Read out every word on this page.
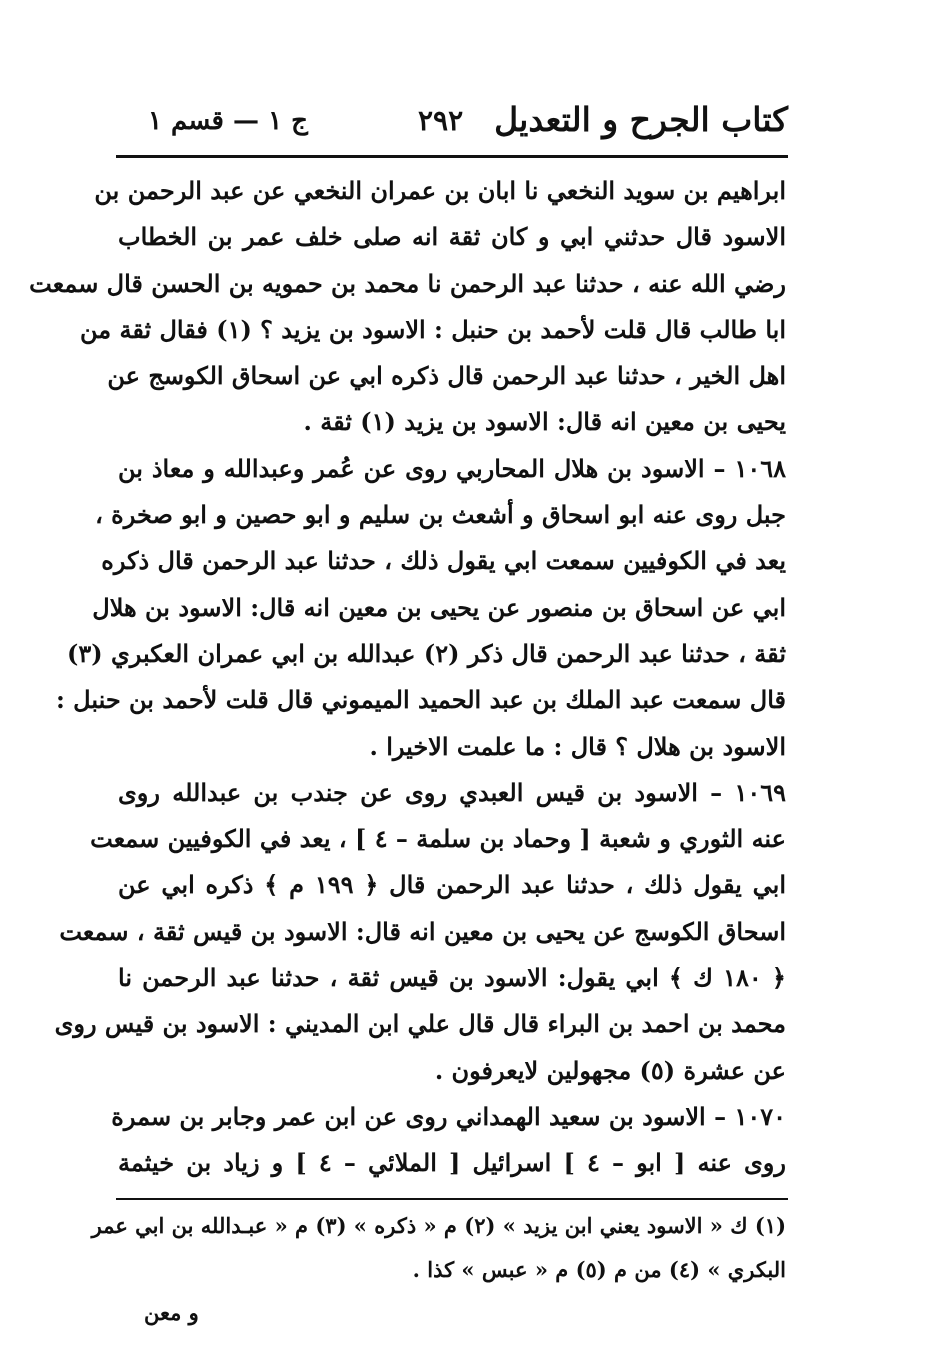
كتاب الجرح و التعديل
٢٩٢
ج ١ — قسم ١
ابراهيم بن سويد النخعي نا ابان بن عمران النخعي عن عبد الرحمن بن
الاسود قال حدثني ابي و كان ثقة انه صلى خلف عمر بن الخطاب
رضي الله عنه ، حدثنا عبد الرحمن نا محمد بن حمويه بن الحسن قال سمعت
ابا طالب قال قلت لأحمد بن حنبل : الاسود بن يزيد ؟ (١) فقال ثقة من
اهل الخير ، حدثنا عبد الرحمن قال ذكره ابي عن اسحاق الكوسج عن
يحيى بن معين انه قال: الاسود بن يزيد (١) ثقة .
١٠٦٨ – الاسود بن هلال المحاربي روى عن عُمر وعبدالله و معاذ بن
جبل روى عنه ابو اسحاق و أشعث بن سليم و ابو حصين و ابو صخرة ،
يعد في الكوفيين سمعت ابي يقول ذلك ، حدثنا عبد الرحمن قال ذكره
ابي عن اسحاق بن منصور عن يحيى بن معين انه قال: الاسود بن هلال
ثقة ، حدثنا عبد الرحمن قال ذكر (٢) عبدالله بن ابي عمران العكبري (٣)
قال سمعت عبد الملك بن عبد الحميد الميموني قال قلت لأحمد بن حنبل :
الاسود بن هلال ؟ قال : ما علمت الاخيرا .
١٠٦٩ – الاسود بن قيس العبدي روى عن جندب بن عبدالله روى
عنه الثوري و شعبة [ وحماد بن سلمة – ٤ ] ، يعد في الكوفيين سمعت
ابي يقول ذلك ، حدثنا عبد الرحمن قال ﴿ ١٩٩ م ﴾ ذكره ابي عن
اسحاق الكوسج عن يحيى بن معين انه قال: الاسود بن قيس ثقة ، سمعت
﴿ ١٨٠ ك ﴾ ابي يقول: الاسود بن قيس ثقة ، حدثنا عبد الرحمن نا
محمد بن احمد بن البراء قال قال علي ابن المديني : الاسود بن قيس روى
عن عشرة (٥) مجهولين لايعرفون .
١٠٧٠ – الاسود بن سعيد الهمداني روى عن ابن عمر وجابر بن سمرة
روى عنه [ ابو – ٤ ] اسرائيل [ الملائي – ٤ ] و زياد بن خيثمة
(١) ك « الاسود يعني ابن يزيد » (٢) م « ذكره » (٣) م « عبـدالله بن ابي عمر
البكري » (٤) من م (٥) م « عبس » كذا .
و معن
